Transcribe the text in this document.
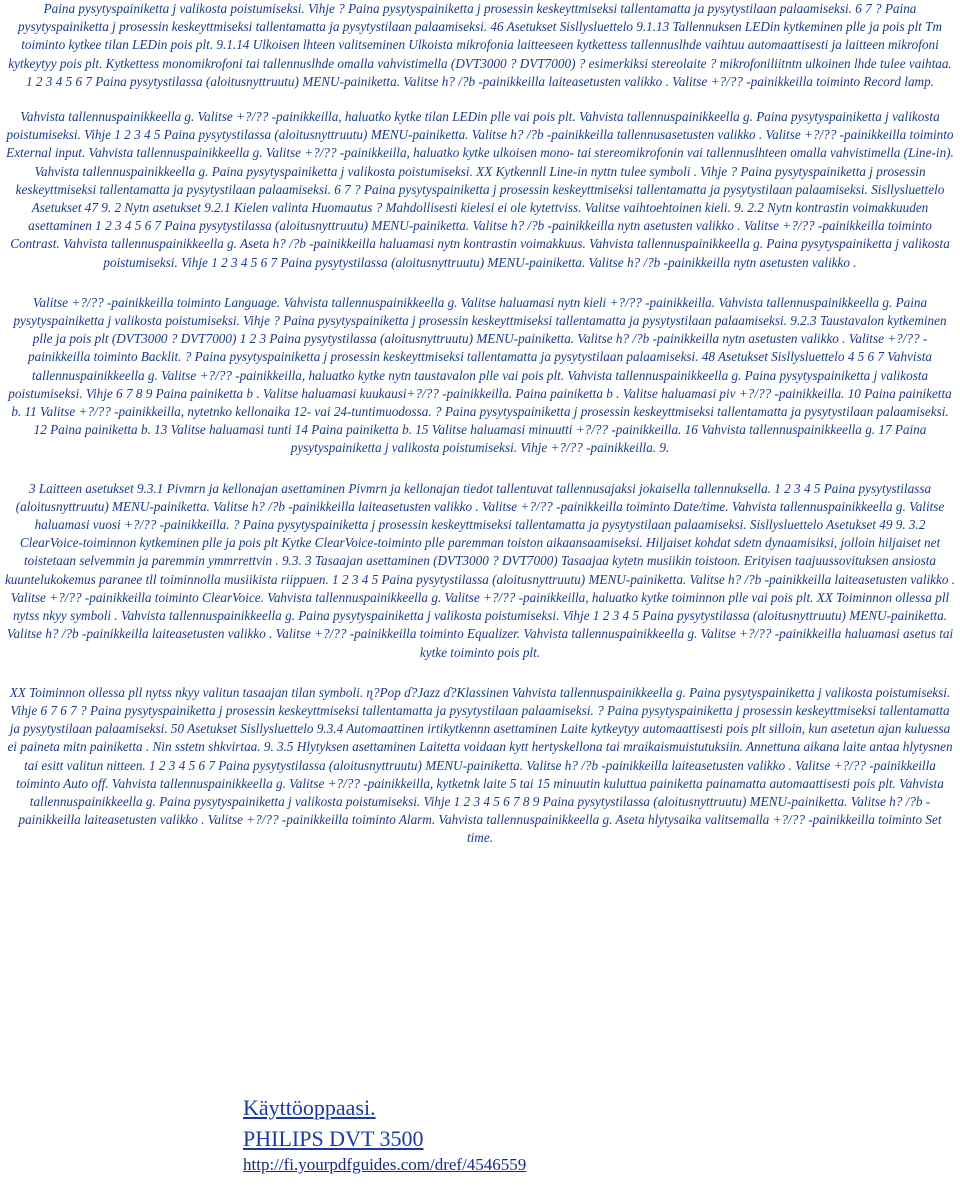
Paina pysytyspainiketta j valikosta poistumiseksi. Vihje ? Paina pysytyspainiketta j prosessin keskeyttmiseksi tallentamatta ja pysytystilaan palaamiseksi. 6 7 ? Paina pysytyspainiketta j prosessin keskeyttmiseksi tallentamatta ja pysytystilaan palaamiseksi. 46 Asetukset Sisllysluettelo 9.1.13 Tallennuksen LEDin kytkeminen plle ja pois plt Tm toiminto kytkee tilan LEDin pois plt. 9.1.14 Ulkoisen lhteen valitseminen Ulkoista mikrofonia laitteeseen kytkettess tallennuslhde vaihtuu automaattisesti ja laitteen mikrofoni kytkeytyy pois plt. Kytkettess monomikrofoni tai tallennuslhde omalla vahvistimella (DVT3000 ? DVT7000) ? esimerkiksi stereolaite ? mikrofoniliitntn ulkoinen lhde tulee vaihtaa. 1 2 3 4 5 6 7 Paina pysytystilassa (aloitusnyttruutu) MENU-painiketta. Valitse h? /?b -painikkeilla laiteasetusten valikko . Valitse +?/?? -painikkeilla toiminto Record lamp.

Vahvista tallennuspainikkeella g. Valitse +?/?? -painikkeilla, haluatko kytke tilan LEDin plle vai pois plt. Vahvista tallennuspainikkeella g. Paina pysytyspainiketta j valikosta poistumiseksi. Vihje 1 2 3 4 5 Paina pysytystilassa (aloitusnyttruutu) MENU-painiketta. Valitse h? /?b -painikkeilla tallennusasetusten valikko . Valitse +?/?? -painikkeilla toiminto External input. Vahvista tallennuspainikkeella g. Valitse +?/?? -painikkeilla, haluatko kytke ulkoisen mono- tai stereomikrofonin vai tallennuslhteen omalla vahvistimella (Line-in). Vahvista tallennuspainikkeella g. Paina pysytyspainiketta j valikosta poistumiseksi. XX Kytkennll Line-in nyttn tulee symboli . Vihje ? Paina pysytyspainiketta j prosessin keskeyttmiseksi tallentamatta ja pysytystilaan palaamiseksi. 6 7 ? Paina pysytyspainiketta j prosessin keskeyttmiseksi tallentamatta ja pysytystilaan palaamiseksi. Sisllysluettelo Asetukset 47 9. 2 Nytn asetukset 9.2.1 Kielen valinta Huomautus ? Mahdollisesti kielesi ei ole kytettviss. Valitse vaihtoehtoinen kieli. 9. 2.2 Nytn kontrastin voimakkuuden asettaminen 1 2 3 4 5 6 7 Paina pysytystilassa (aloitusnyttruutu) MENU-painiketta. Valitse h? /?b -painikkeilla nytn asetusten valikko . Valitse +?/?? -painikkeilla toiminto Contrast. Vahvista tallennuspainikkeella g. Aseta h? /?b -painikkeilla haluamasi nytn kontrastin voimakkuus. Vahvista tallennuspainikkeella g. Paina pysytyspainiketta j valikosta poistumiseksi. Vihje 1 2 3 4 5 6 7 Paina pysytystilassa (aloitusnyttruutu) MENU-painiketta. Valitse h? /?b -painikkeilla nytn asetusten valikko .

Valitse +?/?? -painikkeilla toiminto Language. Vahvista tallennuspainikkeella g. Valitse haluamasi nytn kieli +?/?? -painikkeilla. Vahvista tallennuspainikkeella g. Paina pysytyspainiketta j valikosta poistumiseksi. Vihje ? Paina pysytyspainiketta j prosessin keskeyttmiseksi tallentamatta ja pysytystilaan palaamiseksi. 9.2.3 Taustavalon kytkeminen plle ja pois plt (DVT3000 ? DVT7000) 1 2 3 Paina pysytystilassa (aloitusnyttruutu) MENU-painiketta. Valitse h? /?b -painikkeilla nytn asetusten valikko . Valitse +?/?? -painikkeilla toiminto Backlit. ? Paina pysytyspainiketta j prosessin keskeyttmiseksi tallentamatta ja pysytystilaan palaamiseksi. 48 Asetukset Sisllysluettelo 4 5 6 7 Vahvista tallennuspainikkeella g. Valitse +?/?? -painikkeilla, haluatko kytke nytn taustavalon plle vai pois plt. Vahvista tallennuspainikkeella g. Paina pysytyspainiketta j valikosta poistumiseksi. Vihje 6 7 8 9 Paina painiketta b . Valitse haluamasi kuukausi+?/?? -painikkeilla. Paina painiketta b . Valitse haluamasi piv +?/?? -painikkeilla. 10 Paina painiketta b. 11 Valitse +?/?? -painikkeilla, nytetnko kellonaika 12- vai 24-tuntimuodossa. ? Paina pysytyspainiketta j prosessin keskeyttmiseksi tallentamatta ja pysytystilaan palaamiseksi. 12 Paina painiketta b. 13 Valitse haluamasi tunti 14 Paina painiketta b. 15 Valitse haluamasi minuutti +?/?? -painikkeilla. 16 Vahvista tallennuspainikkeella g. 17 Paina pysytyspainiketta j valikosta poistumiseksi. Vihje +?/?? -painikkeilla. 9.

3 Laitteen asetukset 9.3.1 Pivmrn ja kellonajan asettaminen Pivmrn ja kellonajan tiedot tallentuvat tallennusajaksi jokaisella tallennuksella. 1 2 3 4 5 Paina pysytystilassa (aloitusnyttruutu) MENU-painiketta. Valitse h? /?b -painikkeilla laiteasetusten valikko . Valitse +?/?? -painikkeilla toiminto Date/time. Vahvista tallennuspainikkeella g. Valitse haluamasi vuosi +?/?? -painikkeilla. ? Paina pysytyspainiketta j prosessin keskeyttmiseksi tallentamatta ja pysytystilaan palaamiseksi. Sisllysluettelo Asetukset 49 9. 3.2 ClearVoice-toiminnon kytkeminen plle ja pois plt Kytke ClearVoice-toiminto plle paremman toiston aikaansaamiseksi. Hiljaiset kohdat sdetn dynaamisiksi, jolloin hiljaiset net toistetaan selvemmin ja paremmin ymmrrettvin . 9.3. 3 Tasaajan asettaminen (DVT3000 ? DVT7000) Tasaajaa kytetn musiikin toistoon. Erityisen taajuussovituksen ansiosta kuuntelukokemus paranee tll toiminnolla musiikista riippuen. 1 2 3 4 5 Paina pysytystilassa (aloitusnyttruutu) MENU-painiketta. Valitse h? /?b -painikkeilla laiteasetusten valikko . Valitse +?/?? -painikkeilla toiminto ClearVoice. Vahvista tallennuspainikkeella g. Valitse +?/?? -painikkeilla, haluatko kytke toiminnon plle vai pois plt. XX Toiminnon ollessa pll nytss nkyy symboli . Vahvista tallennuspainikkeella g. Paina pysytyspainiketta j valikosta poistumiseksi. Vihje 1 2 3 4 5 Paina pysytystilassa (aloitusnyttruutu) MENU-painiketta. Valitse h? /?b -painikkeilla laiteasetusten valikko . Valitse +?/?? -painikkeilla toiminto Equalizer. Vahvista tallennuspainikkeella g. Valitse +?/?? -painikkeilla haluamasi asetus tai kytke toiminto pois plt.

XX Toiminnon ollessa pll nytss nkyy valitun tasaajan tilan symboli. ɳ?Pop ɗ?Jazz ɗ?Klassinen Vahvista tallennuspainikkeella g. Paina pysytyspainiketta j valikosta poistumiseksi. Vihje 6 7 6 7 ? Paina pysytyspainiketta j prosessin keskeyttmiseksi tallentamatta ja pysytystilaan palaamiseksi. ? Paina pysytyspainiketta j prosessin keskeyttmiseksi tallentamatta ja pysytystilaan palaamiseksi. 50 Asetukset Sisllysluettelo 9.3.4 Automaattinen irtikytkennn asettaminen Laite kytkeytyy automaattisesti pois plt silloin, kun asetetun ajan kuluessa ei paineta mitn painiketta . Nin sstetn shkvirtaa. 9. 3.5 Hlytyksen asettaminen Laitetta voidaan kytt hertyskellona tai mraikaismuistutuksiin. Annettuna aikana laite antaa hlytysnen tai esitt valitun nitteen. 1 2 3 4 5 6 7 Paina pysytystilassa (aloitusnyttruutu) MENU-painiketta. Valitse h? /?b -painikkeilla laiteasetusten valikko . Valitse +?/?? -painikkeilla toiminto Auto off. Vahvista tallennuspainikkeella g. Valitse +?/?? -painikkeilla, kytketnk laite 5 tai 15 minuutin kuluttua painiketta painamatta automaattisesti pois plt. Vahvista tallennuspainikkeella g. Paina pysytyspainiketta j valikosta poistumiseksi. Vihje 1 2 3 4 5 6 7 8 9 Paina pysytystilassa (aloitusnyttruutu) MENU-painiketta. Valitse h? /?b -painikkeilla laiteasetusten valikko . Valitse +?/?? -painikkeilla toiminto Alarm. Vahvista tallennuspainikkeella g. Aseta hlytysaika valitsemalla +?/?? -painikkeilla toiminto Set time.

Käyttöoppaasi.
PHILIPS DVT 3500
http://fi.yourpdfguides.com/dref/4546559
